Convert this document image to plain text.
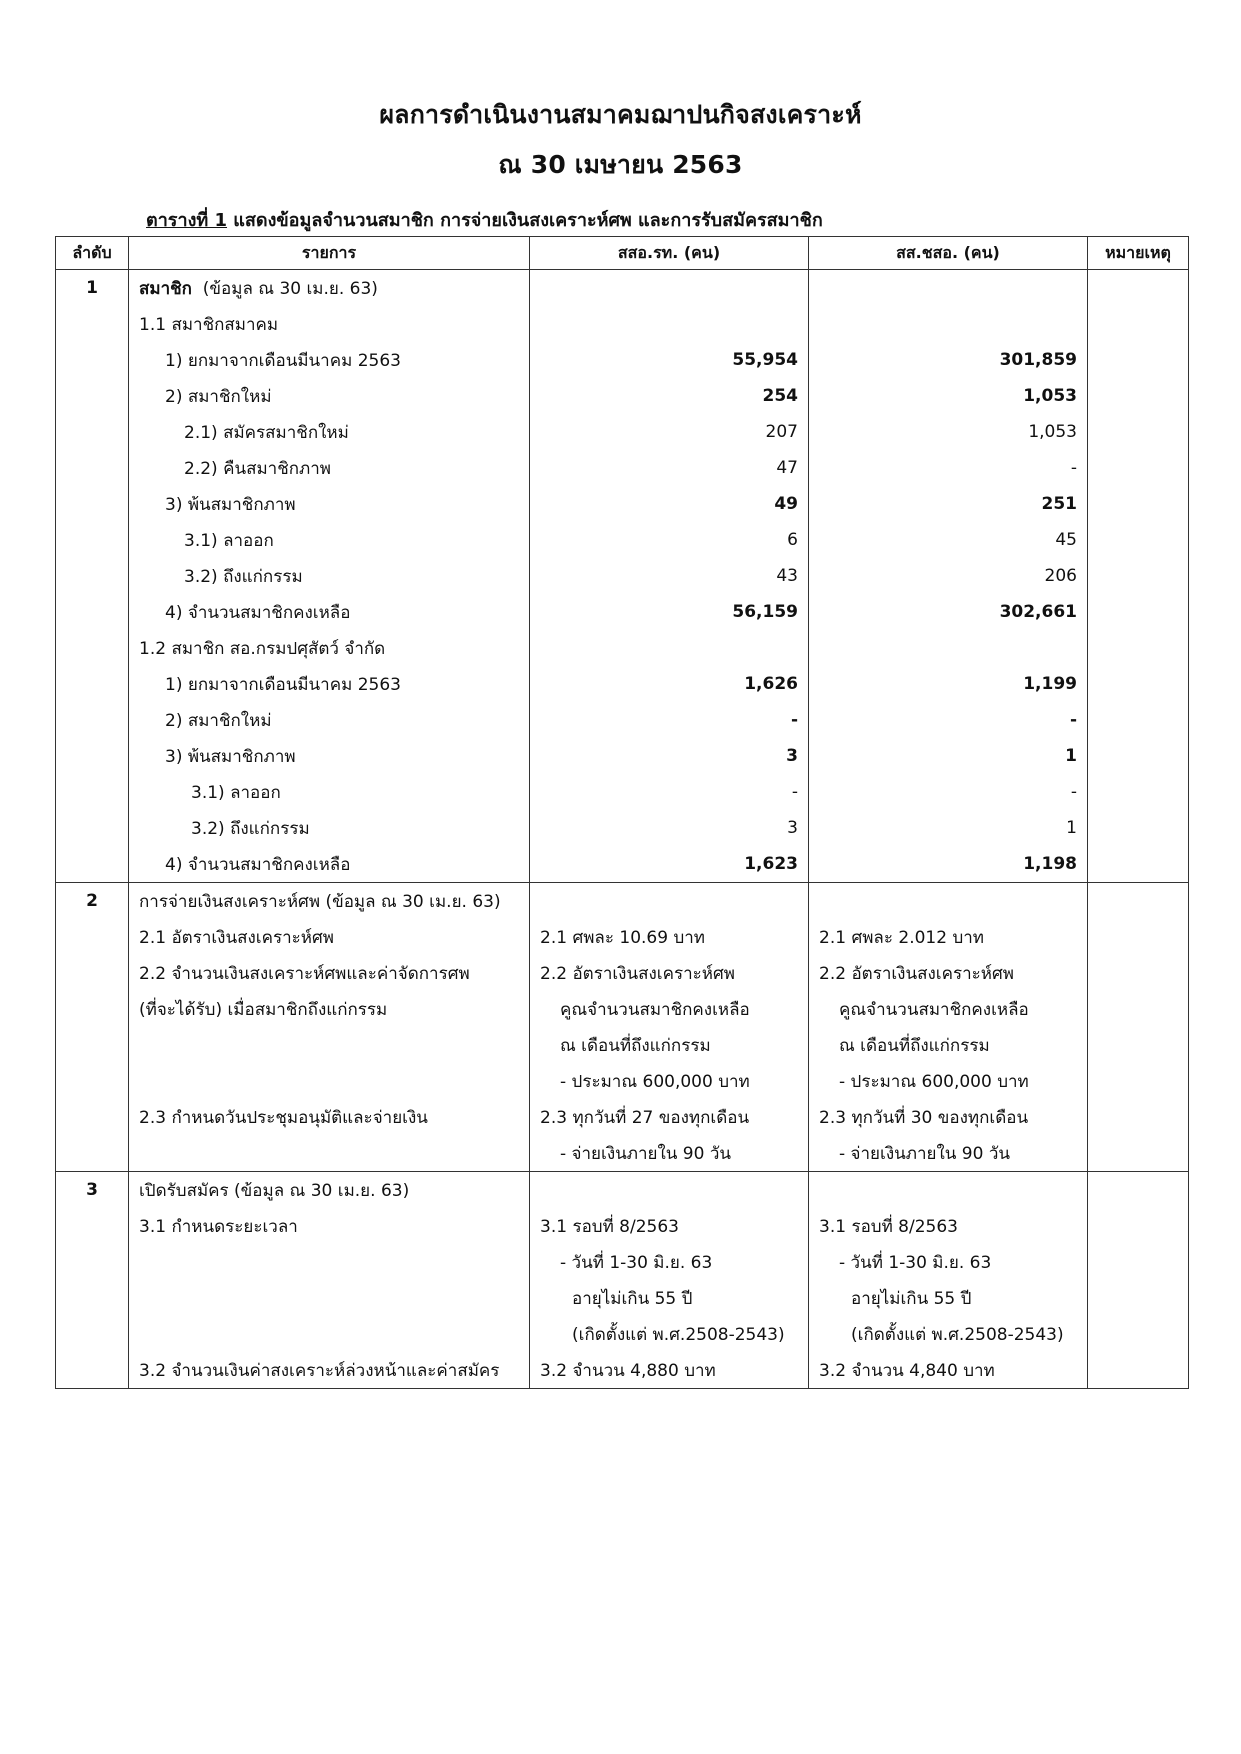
ผลการดำเนินงานสมาคมฌาปนกิจสงเคราะห์
ณ 30 เมษายน 2563
ตารางที่ 1 แสดงข้อมูลจำนวนสมาชิก การจ่ายเงินสงเคราะห์ศพ และการรับสมัครสมาชิก
ลำดับ	รายการ	สสอ.รท. (คน)	สส.ชสอ. (คน)	หมายเหตุ
1	สมาชิก  (ข้อมูล ณ 30 เม.ย. 63)			
	1.1 สมาชิกสมาคม			
	1) ยกมาจากเดือนมีนาคม 2563	55,954	301,859	
	2) สมาชิกใหม่	254	1,053	
	2.1) สมัครสมาชิกใหม่	207	1,053	
	2.2) คืนสมาชิกภาพ	47	-	
	3) พ้นสมาชิกภาพ	49	251	
	3.1) ลาออก	6	45	
	3.2) ถึงแก่กรรม	43	206	
	4) จำนวนสมาชิกคงเหลือ	56,159	302,661	
	1.2 สมาชิก สอ.กรมปศุสัตว์ จำกัด			
	1) ยกมาจากเดือนมีนาคม 2563	1,626	1,199	
	2) สมาชิกใหม่	-	-	
	3) พ้นสมาชิกภาพ	3	1	
	3.1) ลาออก	-	-	
	3.2) ถึงแก่กรรม	3	1	
	4) จำนวนสมาชิกคงเหลือ	1,623	1,198	
2	การจ่ายเงินสงเคราะห์ศพ (ข้อมูล ณ 30 เม.ย. 63)			
	2.1 อัตราเงินสงเคราะห์ศพ	2.1 ศพละ 10.69 บาท	2.1 ศพละ 2.012 บาท	
	2.2 จำนวนเงินสงเคราะห์ศพและค่าจัดการศพ	2.2 อัตราเงินสงเคราะห์ศพ	2.2 อัตราเงินสงเคราะห์ศพ	
	(ที่จะได้รับ) เมื่อสมาชิกถึงแก่กรรม	คูณจำนวนสมาชิกคงเหลือ	คูณจำนวนสมาชิกคงเหลือ	
		ณ เดือนที่ถึงแก่กรรม	ณ เดือนที่ถึงแก่กรรม	
		- ประมาณ 600,000 บาท	- ประมาณ 600,000 บาท	
	2.3 กำหนดวันประชุมอนุมัติและจ่ายเงิน	2.3 ทุกวันที่ 27 ของทุกเดือน	2.3 ทุกวันที่ 30 ของทุกเดือน	
		- จ่ายเงินภายใน 90 วัน	- จ่ายเงินภายใน 90 วัน	
3	เปิดรับสมัคร (ข้อมูล ณ 30 เม.ย. 63)			
	3.1 กำหนดระยะเวลา	3.1 รอบที่ 8/2563	3.1 รอบที่ 8/2563	
		- วันที่ 1-30 มิ.ย. 63	- วันที่ 1-30 มิ.ย. 63	
		อายุไม่เกิน 55 ปี	อายุไม่เกิน 55 ปี	
		(เกิดตั้งแต่ พ.ศ.2508-2543)	(เกิดตั้งแต่ พ.ศ.2508-2543)	
	3.2 จำนวนเงินค่าสงเคราะห์ล่วงหน้าและค่าสมัคร	3.2 จำนวน 4,880 บาท	3.2 จำนวน 4,840 บาท	
